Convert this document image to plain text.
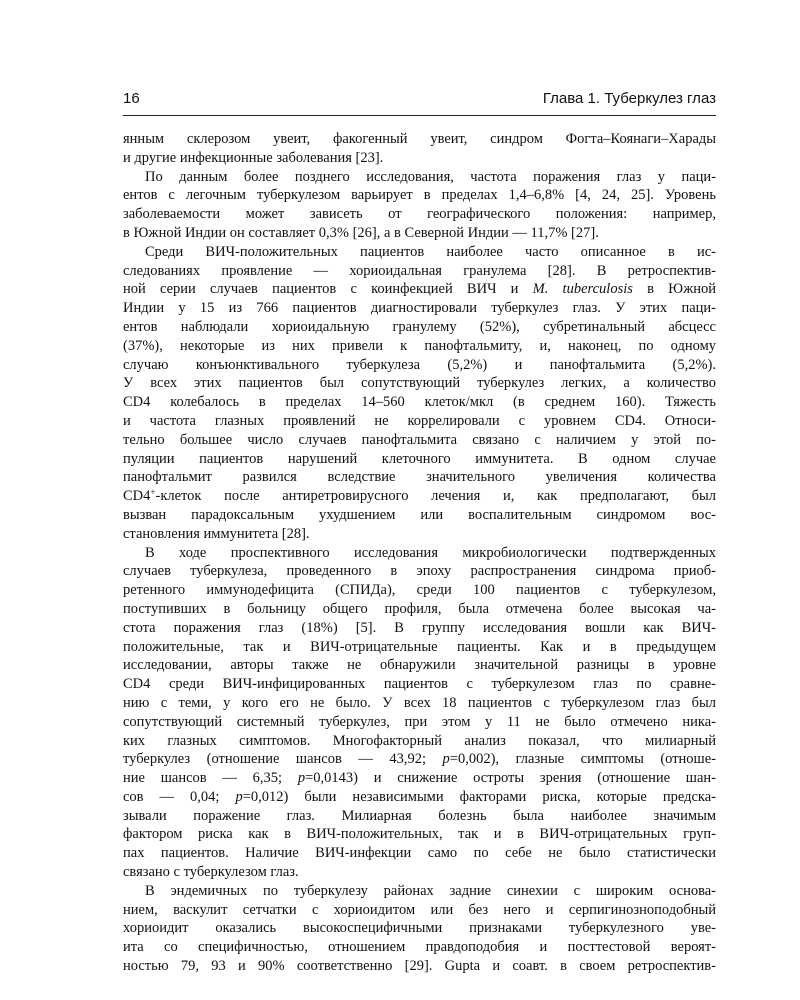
16	Глава 1. Туберкулез глаз
янным склерозом увеит, факогенный увеит, синдром Фогта–Коянаги–Харады
и другие инфекционные заболевания [23].
По данным более позднего исследования, частота поражения глаз у паци-
ентов с легочным туберкулезом варьирует в пределах 1,4–6,8% [4, 24, 25]. Уровень
заболеваемости может зависеть от географического положения: например,
в Южной Индии он составляет 0,3% [26], а в Северной Индии — 11,7% [27].
Среди ВИЧ-положительных пациентов наиболее часто описанное в ис-
следованиях проявление — хориоидальная гранулема [28]. В ретроспектив-
ной серии случаев пациентов с коинфекцией ВИЧ и M. tuberculosis в Южной
Индии у 15 из 766 пациентов диагностировали туберкулез глаз. У этих паци-
ентов наблюдали хориоидальную гранулему (52%), субретинальный абсцесс
(37%), некоторые из них привели к панофтальмиту, и, наконец, по одному
случаю конъюнктивального туберкулеза (5,2%) и панофтальмита (5,2%).
У всех этих пациентов был сопутствующий туберкулез легких, а количество
CD4 колебалось в пределах 14–560 клеток/мкл (в среднем 160). Тяжесть
и частота глазных проявлений не коррелировали с уровнем CD4. Относи-
тельно большее число случаев панофтальмита связано с наличием у этой по-
пуляции пациентов нарушений клеточного иммунитета. В одном случае
панофтальмит развился вследствие значительного увеличения количества
CD4+-клеток после антиретровирусного лечения и, как предполагают, был
вызван парадоксальным ухудшением или воспалительным синдромом вос-
становления иммунитета [28].
В ходе проспективного исследования микробиологически подтвержденных
случаев туберкулеза, проведенного в эпоху распространения синдрома приоб-
ретенного иммунодефицита (СПИДа), среди 100 пациентов с туберкулезом,
поступивших в больницу общего профиля, была отмечена более высокая ча-
стота поражения глаз (18%) [5]. В группу исследования вошли как ВИЧ-
положительные, так и ВИЧ-отрицательные пациенты. Как и в предыдущем
исследовании, авторы также не обнаружили значительной разницы в уровне
CD4 среди ВИЧ-инфицированных пациентов с туберкулезом глаз по сравне-
нию с теми, у кого его не было. У всех 18 пациентов с туберкулезом глаз был
сопутствующий системный туберкулез, при этом у 11 не было отмечено ника-
ких глазных симптомов. Многофакторный анализ показал, что милиарный
туберкулез (отношение шансов — 43,92; p=0,002), глазные симптомы (отноше-
ние шансов — 6,35; p=0,0143) и снижение остроты зрения (отношение шан-
сов — 0,04; p=0,012) были независимыми факторами риска, которые предска-
зывали поражение глаз. Милиарная болезнь была наиболее значимым
фактором риска как в ВИЧ-положительных, так и в ВИЧ-отрицательных груп-
пах пациентов. Наличие ВИЧ-инфекции само по себе не было статистически
связано с туберкулезом глаз.
В эндемичных по туберкулезу районах задние синехии с широким основа-
нием, васкулит сетчатки с хориоидитом или без него и серпигинозноподобный
хориоидит оказались высокоспецифичными признаками туберкулезного уве-
ита со специфичностью, отношением правдоподобия и посттестовой вероят-
ностью 79, 93 и 90% соответственно [29]. Gupta и соавт. в своем ретроспектив-
